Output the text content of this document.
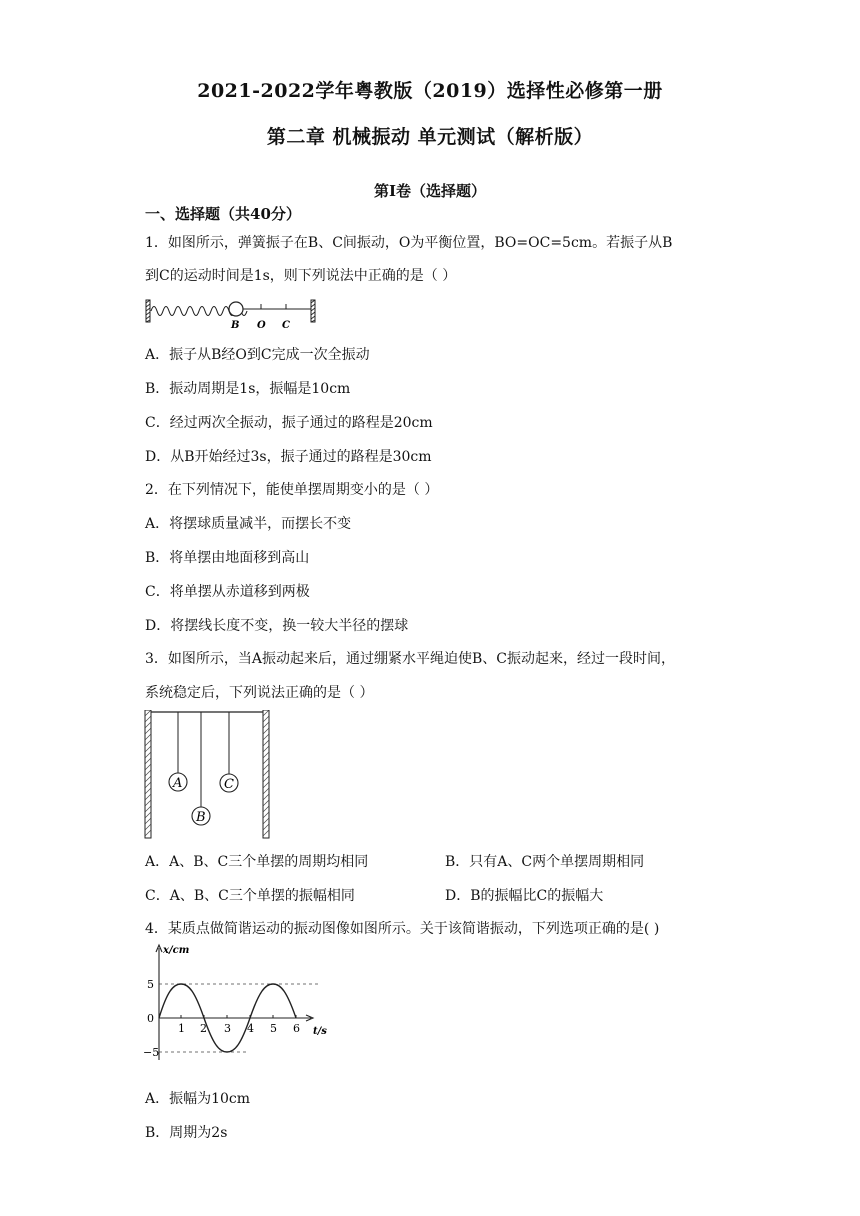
2021-2022学年粤教版（2019）选择性必修第一册
第二章 机械振动 单元测试（解析版）
第Ⅰ卷（选择题）
一、选择题（共40分）
1．如图所示，弹簧振子在B、C间振动，O为平衡位置，BO=OC=5cm。若振子从B
到C的运动时间是1s，则下列说法中正确的是（ ）
B O C
A．振子从B经O到C完成一次全振动
B．振动周期是1s，振幅是10cm
C．经过两次全振动，振子通过的路程是20cm
D．从B开始经过3s，振子通过的路程是30cm
2．在下列情况下，能使单摆周期变小的是（ ）
A．将摆球质量减半，而摆长不变
B．将单摆由地面移到高山
C．将单摆从赤道移到两极
D．将摆线长度不变，换一较大半径的摆球
3．如图所示，当A振动起来后，通过绷紧水平绳迫使B、C振动起来，经过一段时间，
系统稳定后，下列说法正确的是（ ）
A
B
C
A．A、B、C三个单摆的周期均相同	B．只有A、C两个单摆周期相同
C．A、B、C三个单摆的振幅相同	D．B的振幅比C的振幅大
4．某质点做简谐运动的振动图像如图所示。关于该简谐振动，下列选项正确的是( )
x/cm
t/s
5
0
−5
1 2 3 4 5 6
A．振幅为10cm
B．周期为2s
